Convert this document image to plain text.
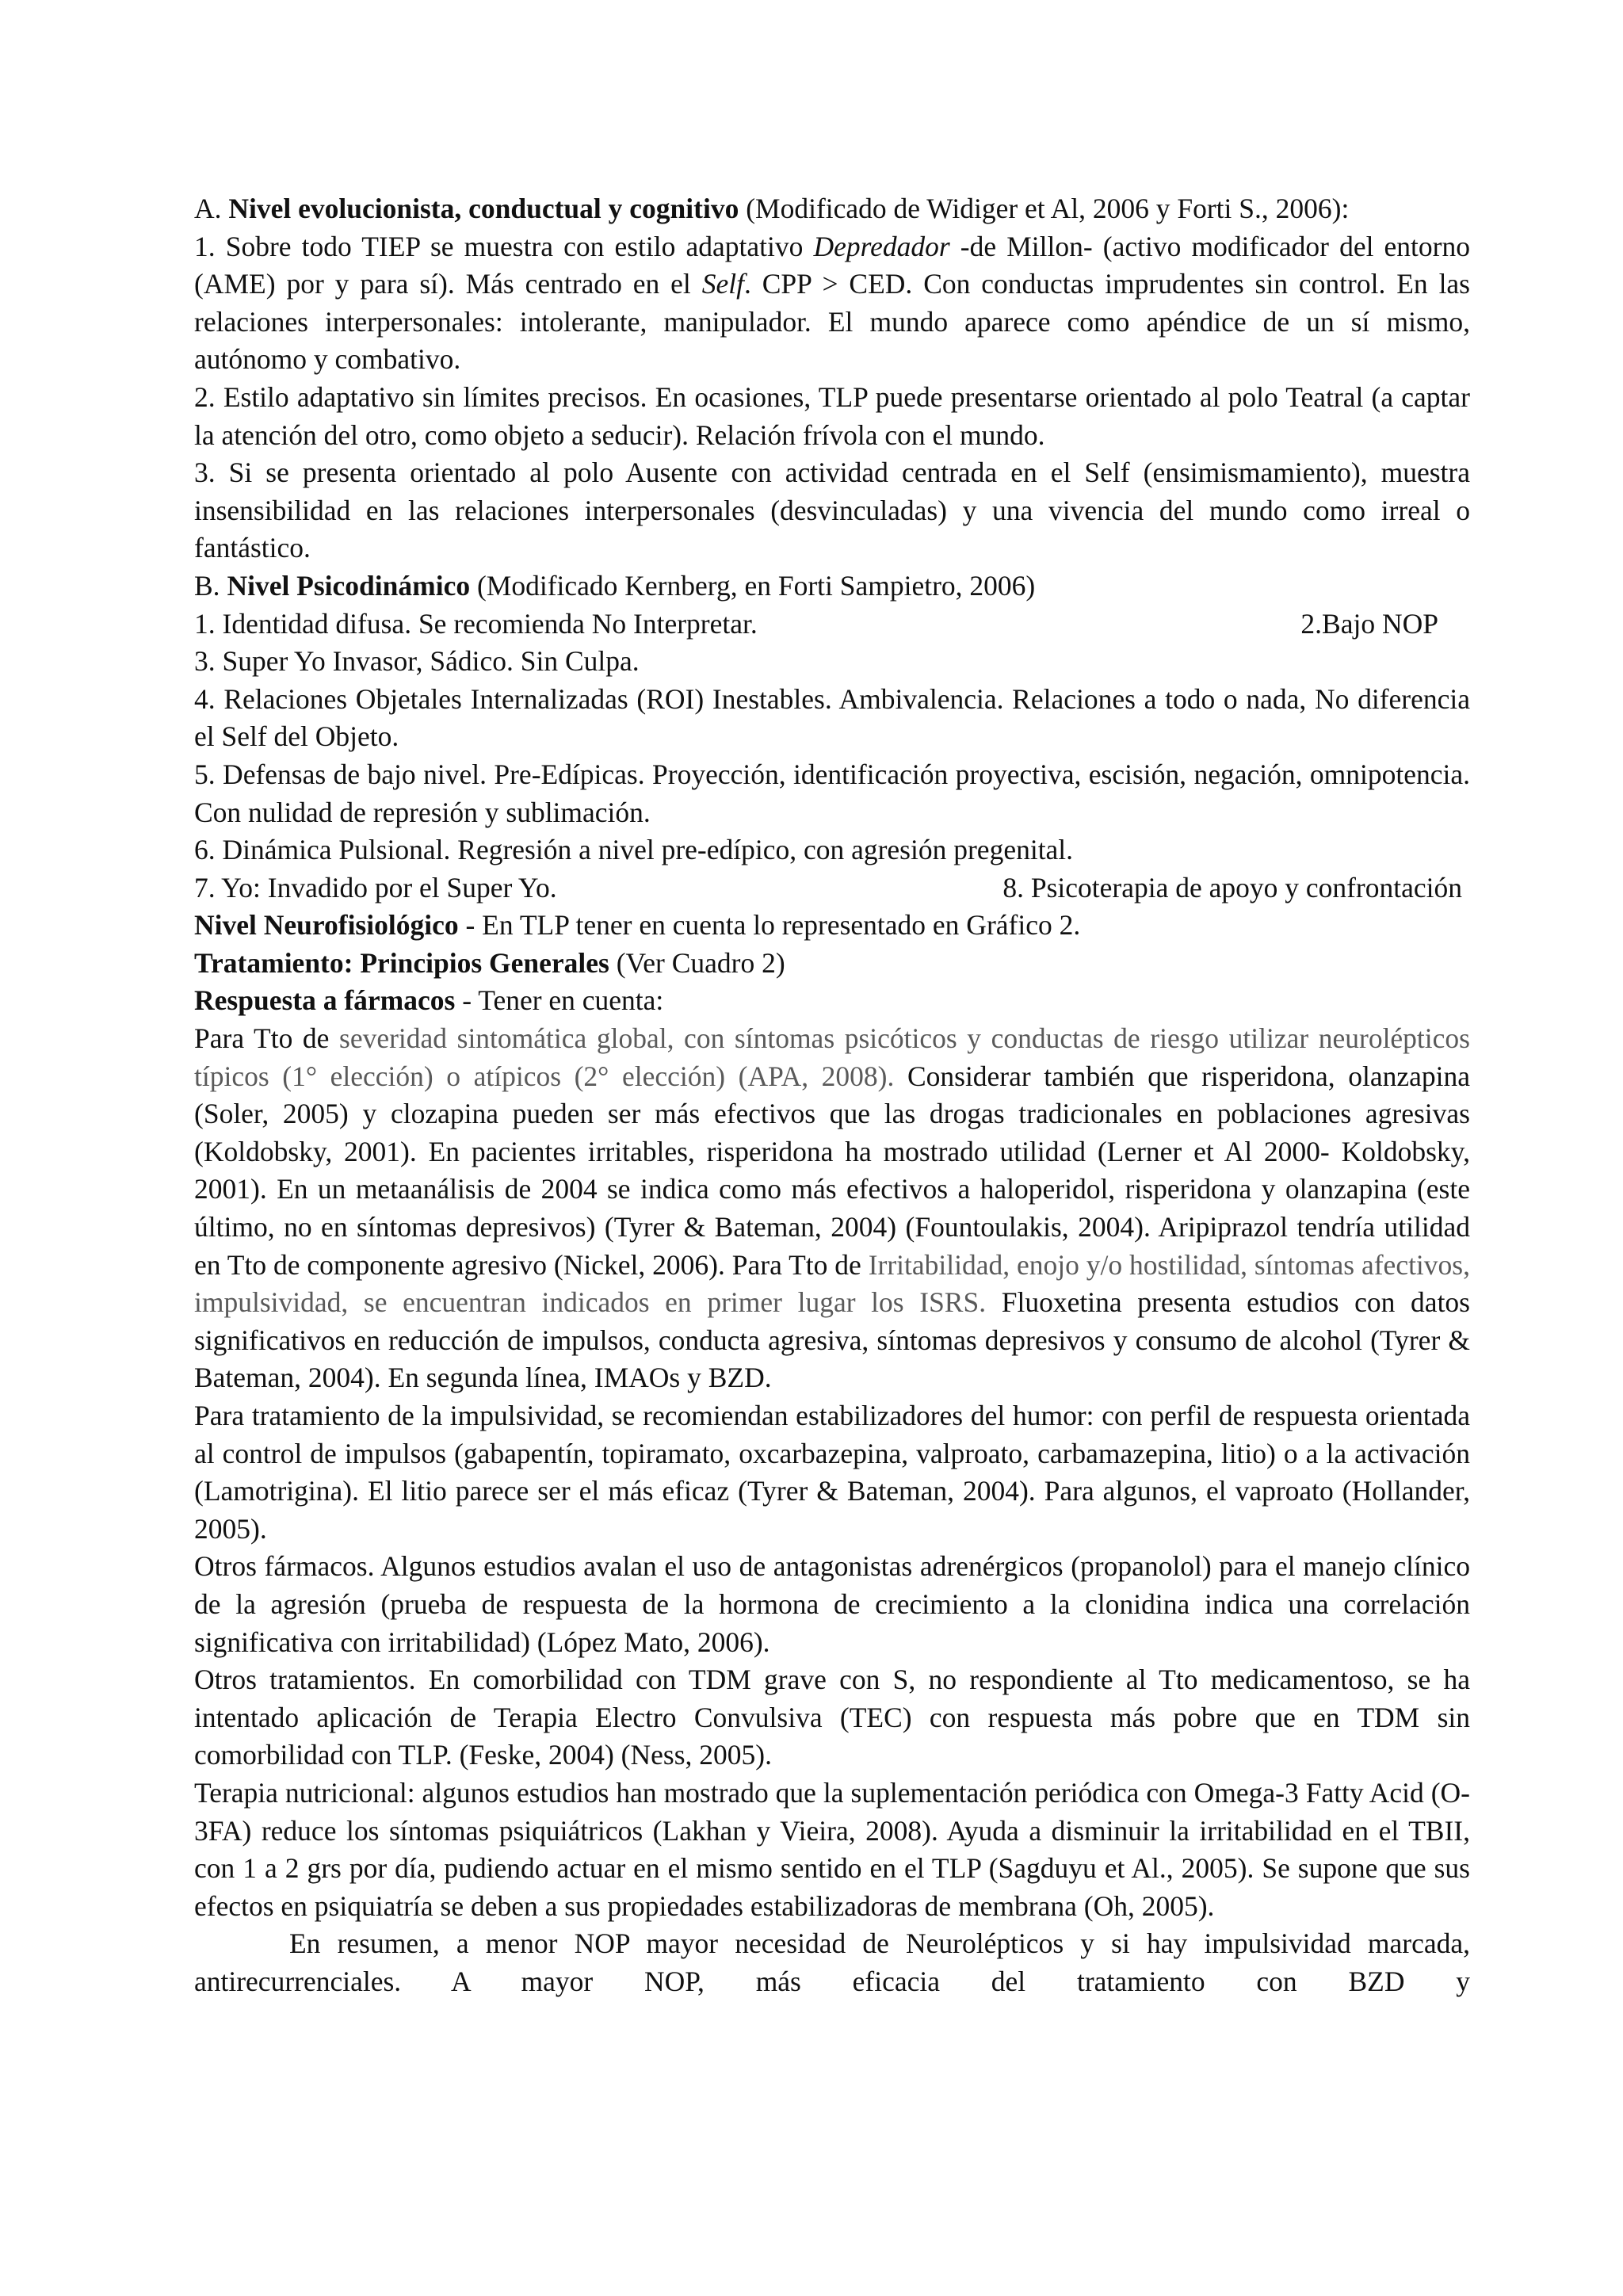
A. Nivel evolucionista, conductual y cognitivo (Modificado de Widiger et Al, 2006 y Forti S., 2006):

1. Sobre todo TIEP se muestra con estilo adaptativo Depredador -de Millon- (activo modificador del entorno (AME) por y para sí). Más centrado en el Self. CPP > CED. Con conductas imprudentes sin control. En las relaciones interpersonales: intolerante, manipulador. El mundo aparece como apéndice de un sí mismo, autónomo y combativo.

2. Estilo adaptativo sin límites precisos. En ocasiones, TLP puede presentarse orientado al polo Teatral (a captar la atención del otro, como objeto a seducir). Relación frívola con el mundo.

3. Si se presenta orientado al polo Ausente con actividad centrada en el Self (ensimismamiento), muestra insensibilidad en las relaciones interpersonales (desvinculadas) y una vivencia del mundo como irreal o fantástico.

B. Nivel Psicodinámico (Modificado Kernberg, en Forti Sampietro, 2006)

1. Identidad difusa. Se recomienda No Interpretar.	2.Bajo NOP

3. Super Yo Invasor, Sádico. Sin Culpa.

4. Relaciones Objetales Internalizadas (ROI) Inestables. Ambivalencia. Relaciones a todo o nada, No diferencia el Self del Objeto.

5. Defensas de bajo nivel. Pre-Edípicas. Proyección, identificación proyectiva, escisión, negación, omnipotencia. Con nulidad de represión y sublimación.

6. Dinámica Pulsional. Regresión a nivel pre-edípico, con agresión pregenital.

7. Yo: Invadido por el Super Yo.	8. Psicoterapia de apoyo y confrontación

Nivel Neurofisiológico - En TLP tener en cuenta lo representado en Gráfico 2.

Tratamiento: Principios Generales (Ver Cuadro 2)

Respuesta a fármacos - Tener en cuenta:

Para Tto de severidad sintomática global, con síntomas psicóticos y conductas de riesgo utilizar neurolépticos típicos (1° elección) o atípicos (2° elección) (APA, 2008). Considerar también que risperidona, olanzapina (Soler, 2005) y clozapina pueden ser más efectivos que las drogas tradicionales en poblaciones agresivas (Koldobsky, 2001). En pacientes irritables, risperidona ha mostrado utilidad (Lerner et Al 2000- Koldobsky, 2001). En un metaanálisis de 2004 se indica como más efectivos a haloperidol, risperidona y olanzapina (este último, no en síntomas depresivos) (Tyrer & Bateman, 2004) (Fountoulakis, 2004). Aripiprazol tendría utilidad en Tto de componente agresivo (Nickel, 2006). Para Tto de Irritabilidad, enojo y/o hostilidad, síntomas afectivos, impulsividad, se encuentran indicados en primer lugar los ISRS. Fluoxetina presenta estudios con datos significativos en reducción de impulsos, conducta agresiva, síntomas depresivos y consumo de alcohol (Tyrer & Bateman, 2004). En segunda línea, IMAOs y BZD.

Para tratamiento de la impulsividad, se recomiendan estabilizadores del humor: con perfil de respuesta orientada al control de impulsos (gabapentín, topiramato, oxcarbazepina, valproato, carbamazepina, litio) o a la activación (Lamotrigina). El litio parece ser el más eficaz (Tyrer & Bateman, 2004). Para algunos, el vaproato (Hollander, 2005).

Otros fármacos. Algunos estudios avalan el uso de antagonistas adrenérgicos (propanolol) para el manejo clínico de la agresión (prueba de respuesta de la hormona de crecimiento a la clonidina indica una correlación significativa con irritabilidad) (López Mato, 2006).

Otros tratamientos. En comorbilidad con TDM grave con S, no respondiente al Tto medicamentoso, se ha intentado aplicación de Terapia Electro Convulsiva (TEC) con respuesta más pobre que en TDM sin comorbilidad con TLP. (Feske, 2004) (Ness, 2005).

Terapia nutricional: algunos estudios han mostrado que la suplementación periódica con Omega-3 Fatty Acid (O-3FA) reduce los síntomas psiquiátricos (Lakhan y Vieira, 2008). Ayuda a disminuir la irritabilidad en el TBII, con 1 a 2 grs por día, pudiendo actuar en el mismo sentido en el TLP (Sagduyu et Al., 2005). Se supone que sus efectos en psiquiatría se deben a sus propiedades estabilizadoras de membrana (Oh, 2005).

En resumen, a menor NOP mayor necesidad de Neurolépticos y si hay impulsividad marcada, antirecurrenciales. A mayor NOP, más eficacia del tratamiento con BZD y
